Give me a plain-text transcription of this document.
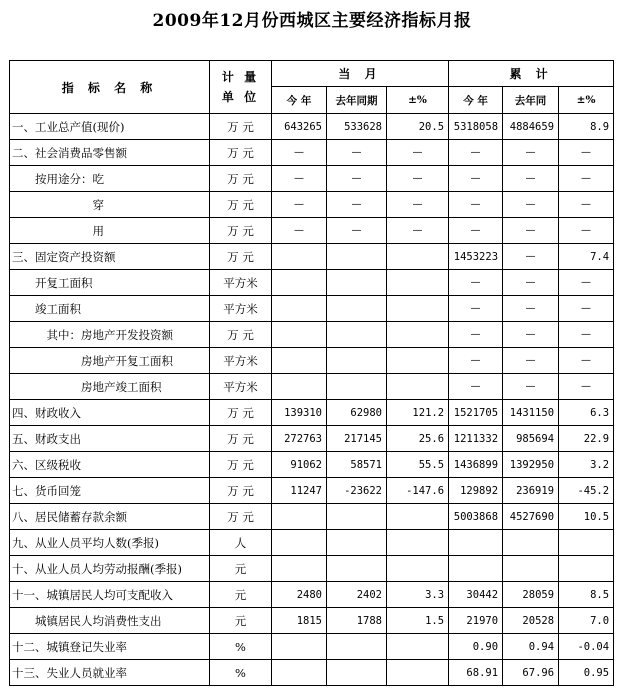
2009年12月份西城区主要经济指标月报
指 标 名 称	计 量
单 位	当 月			累 计		
		今 年	去年同期	±%	今 年	去年同	±%
一、工业总产值(现价)	万 元	643265	533628	20.5	5318058	4884659	8.9
二、社会消费品零售额	万 元	—	—	—	—	—	—
　　按用途分：吃	万 元	—	—	—	—	—	—
　　　　　　　穿	万 元	—	—	—	—	—	—
　　　　　　　用	万 元	—	—	—	—	—	—
三、固定资产投资额	万 元				1453223	—	7.4
　　开复工面积	平方米				—	—	—
　　竣工面积	平方米				—	—	—
　　　其中：房地产开发投资额	万 元				—	—	—
　　　　　　房地产开复工面积	平方米				—	—	—
　　　　　　房地产竣工面积	平方米				—	—	—
四、财政收入	万 元	139310	62980	121.2	1521705	1431150	6.3
五、财政支出	万 元	272763	217145	25.6	1211332	985694	22.9
六、区级税收	万 元	91062	58571	55.5	1436899	1392950	3.2
七、货币回笼	万 元	11247	-23622	-147.6	129892	236919	-45.2
八、居民储蓄存款余额	万 元				5003868	4527690	10.5
九、从业人员平均人数(季报)	人						
十、从业人员人均劳动报酬(季报)	元						
十一、城镇居民人均可支配收入	元	2480	2402	3.3	30442	28059	8.5
　　城镇居民人均消费性支出	元	1815	1788	1.5	21970	20528	7.0
十二、城镇登记失业率	%				0.90	0.94	-0.04
十三、失业人员就业率	%				68.91	67.96	0.95
